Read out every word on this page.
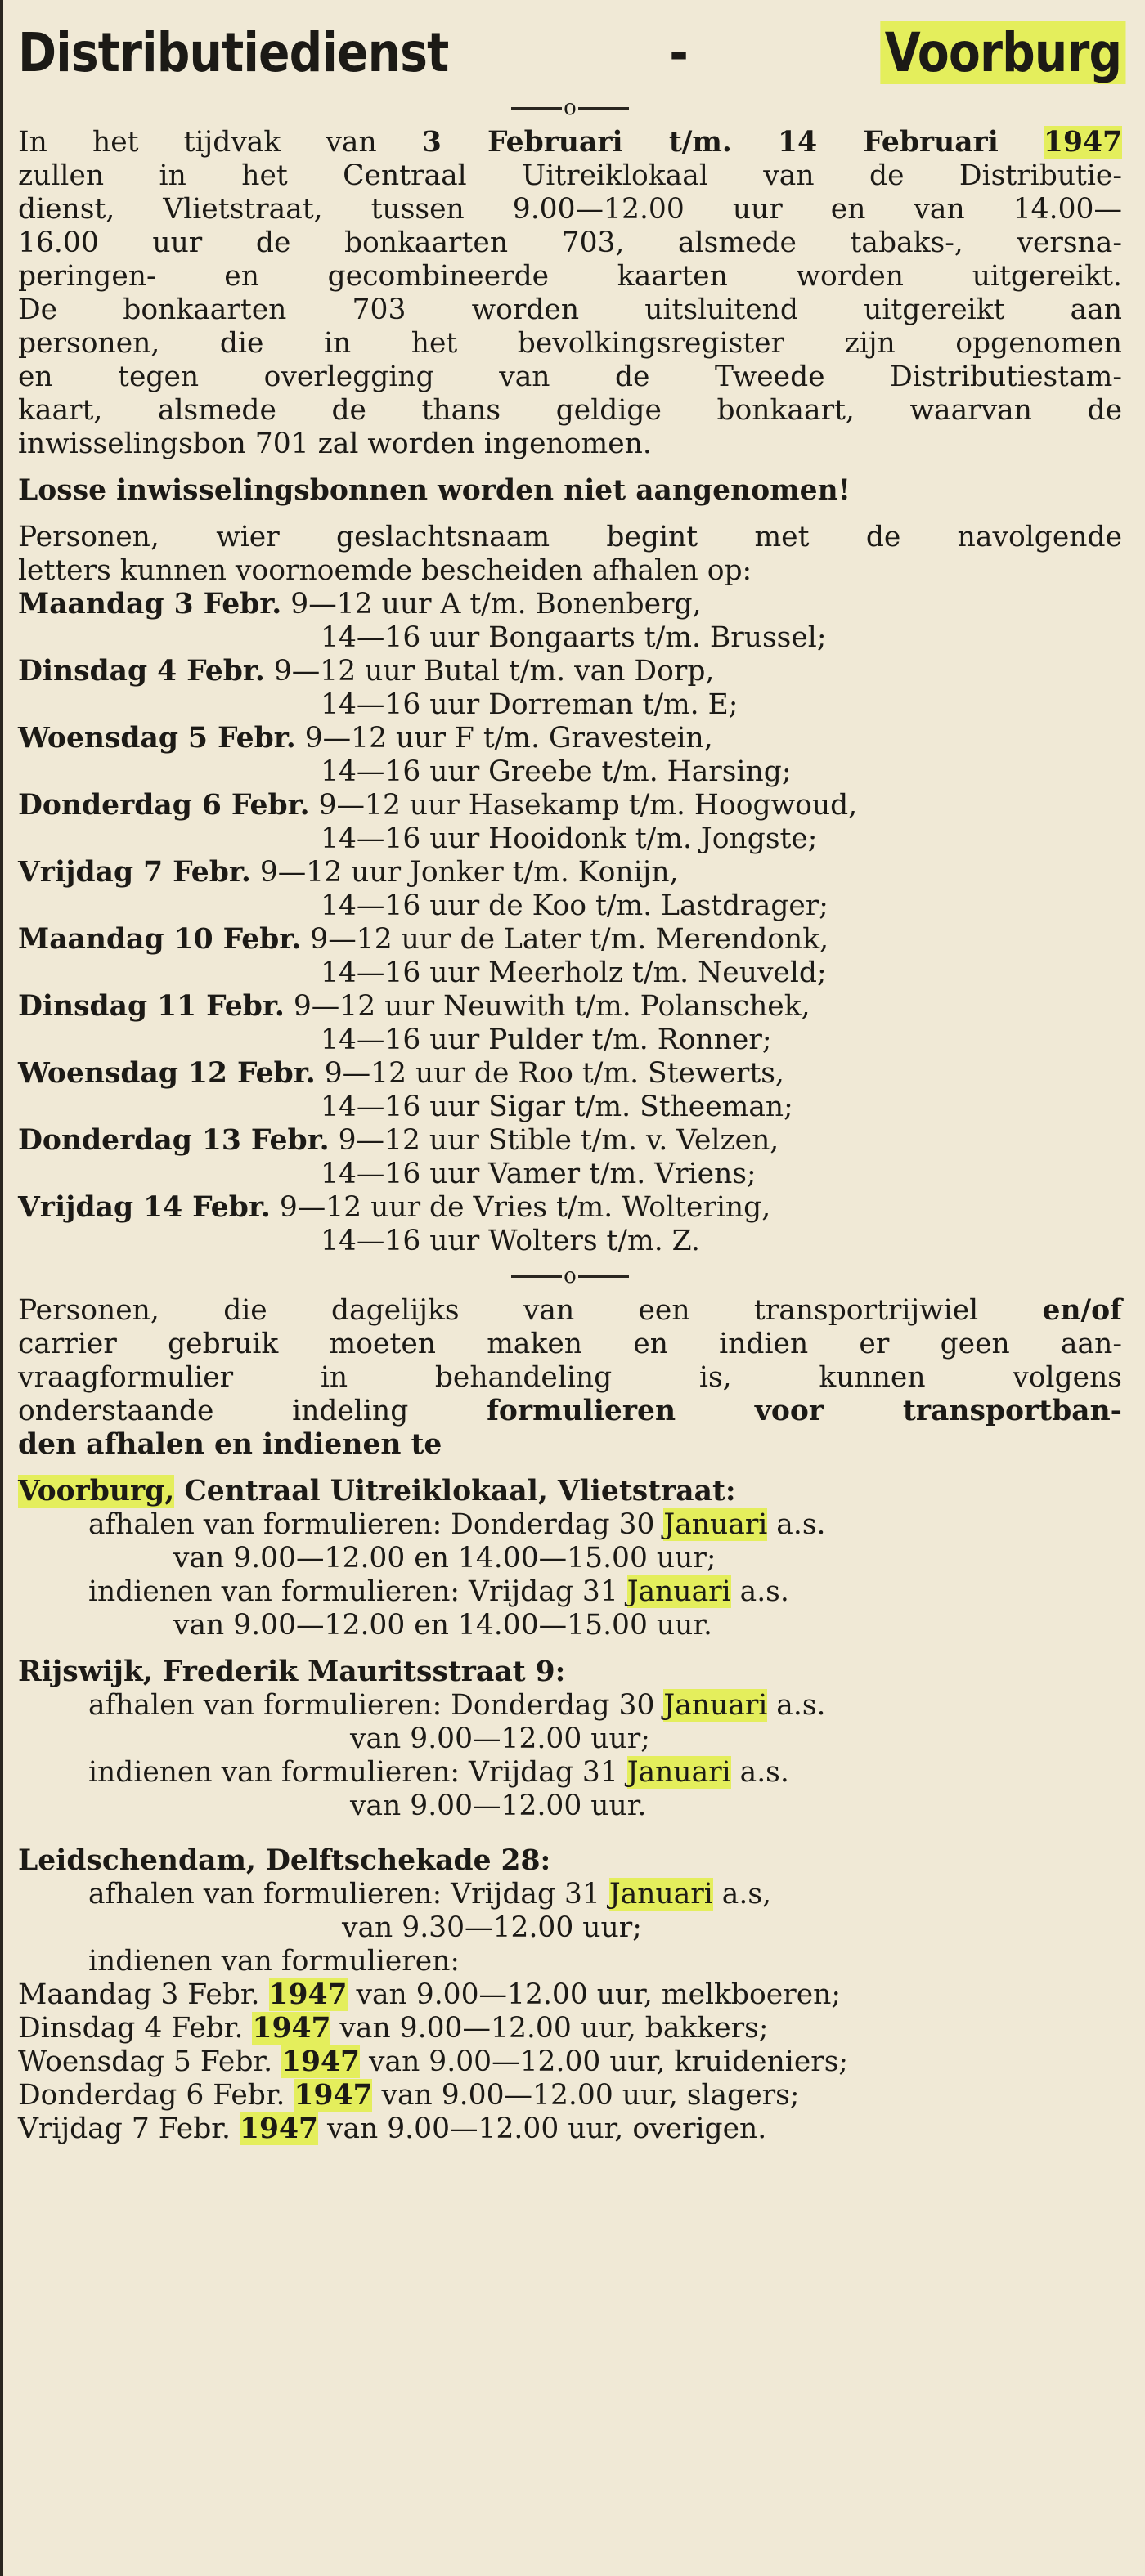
Distributiedienst	-	Voorburg
o
In het tijdvak van 3 Februari t/m. 14 Februari 1947
zullen in het Centraal Uitreiklokaal van de Distributie-
dienst, Vlietstraat, tussen 9.00—12.00 uur en van 14.00—
16.00 uur de bonkaarten 703, alsmede tabaks-, versna-
peringen- en gecombineerde kaarten worden uitgereikt.
De bonkaarten 703 worden uitsluitend uitgereikt aan
personen, die in het bevolkingsregister zijn opgenomen
en tegen overlegging van de Tweede Distributiestam-
kaart, alsmede de thans geldige bonkaart, waarvan de
inwisselingsbon 701 zal worden ingenomen.
Losse inwisselingsbonnen worden niet aangenomen!
Personen, wier geslachtsnaam begint met de navolgende
letters kunnen voornoemde bescheiden afhalen op:
Maandag 3 Febr. 9—12 uur A t/m. Bonenberg,
14—16 uur Bongaarts t/m. Brussel;
Dinsdag 4 Febr. 9—12 uur Butal t/m. van Dorp,
14—16 uur Dorreman t/m. E;
Woensdag 5 Febr. 9—12 uur F t/m. Gravestein,
14—16 uur Greebe t/m. Harsing;
Donderdag 6 Febr. 9—12 uur Hasekamp t/m. Hoogwoud,
14—16 uur Hooidonk t/m. Jongste;
Vrijdag 7 Febr. 9—12 uur Jonker t/m. Konijn,
14—16 uur de Koo t/m. Lastdrager;
Maandag 10 Febr. 9—12 uur de Later t/m. Merendonk,
14—16 uur Meerholz t/m. Neuveld;
Dinsdag 11 Febr. 9—12 uur Neuwith t/m. Polanschek,
14—16 uur Pulder t/m. Ronner;
Woensdag 12 Febr. 9—12 uur de Roo t/m. Stewerts,
14—16 uur Sigar t/m. Stheeman;
Donderdag 13 Febr. 9—12 uur Stible t/m. v. Velzen,
14—16 uur Vamer t/m. Vriens;
Vrijdag 14 Febr. 9—12 uur de Vries t/m. Woltering,
14—16 uur Wolters t/m. Z.
o
Personen, die dagelijks van een transportrijwiel en/of
carrier gebruik moeten maken en indien er geen aan-
vraagformulier in behandeling is, kunnen volgens
onderstaande indeling formulieren voor transportban-
den afhalen en indienen te
Voorburg, Centraal Uitreiklokaal, Vlietstraat:
afhalen van formulieren: Donderdag 30 Januari a.s.
van 9.00—12.00 en 14.00—15.00 uur;
indienen van formulieren: Vrijdag 31 Januari a.s.
van 9.00—12.00 en 14.00—15.00 uur.
Rijswijk, Frederik Mauritsstraat 9:
afhalen van formulieren: Donderdag 30 Januari a.s.
van 9.00—12.00 uur;
indienen van formulieren: Vrijdag 31 Januari a.s.
van 9.00—12.00 uur.
Leidschendam, Delftschekade 28:
afhalen van formulieren: Vrijdag 31 Januari a.s,
van 9.30—12.00 uur;
indienen van formulieren:
Maandag 3 Febr. 1947 van 9.00—12.00 uur, melkboeren;
Dinsdag 4 Febr. 1947 van 9.00—12.00 uur, bakkers;
Woensdag 5 Febr. 1947 van 9.00—12.00 uur, kruideniers;
Donderdag 6 Febr. 1947 van 9.00—12.00 uur, slagers;
Vrijdag 7 Febr. 1947 van 9.00—12.00 uur, overigen.
